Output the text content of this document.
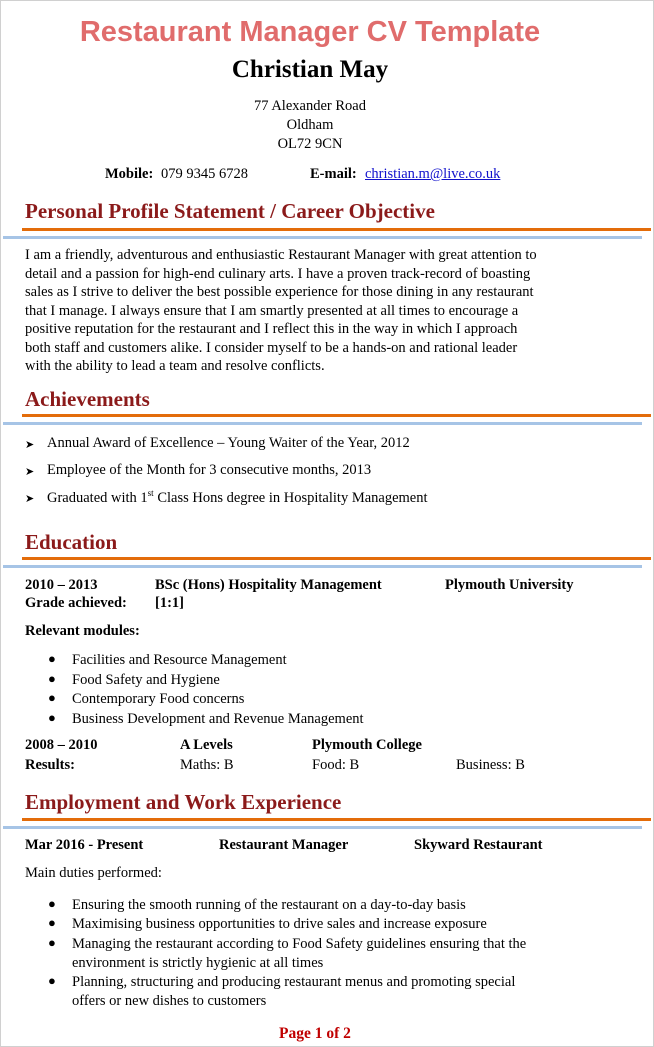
Restaurant Manager CV Template
Christian May
77 Alexander Road
Oldham
OL72 9CN
Mobile: 079 9345 6728	E-mail: christian.m@live.co.uk
Personal Profile Statement / Career Objective
I am a friendly, adventurous and enthusiastic Restaurant Manager with great attention to
detail and a passion for high-end culinary arts. I have a proven track-record of boasting
sales as I strive to deliver the best possible experience for those dining in any restaurant
that I manage. I always ensure that I am smartly presented at all times to encourage a
positive reputation for the restaurant and I reflect this in the way in which I approach
both staff and customers alike. I consider myself to be a hands-on and rational leader
with the ability to lead a team and resolve conflicts.
Achievements
➤ Annual Award of Excellence – Young Waiter of the Year, 2012
➤ Employee of the Month for 3 consecutive months, 2013
➤ Graduated with 1st Class Hons degree in Hospitality Management
Education
2010 – 2013	BSc (Hons) Hospitality Management	Plymouth University
Grade achieved: [1:1]
Relevant modules:
● Facilities and Resource Management
● Food Safety and Hygiene
● Contemporary Food concerns
● Business Development and Revenue Management
2008 – 2010	A Levels	Plymouth College
Results:	Maths: B	Food: B	Business: B
Employment and Work Experience
Mar 2016 - Present	Restaurant Manager	Skyward Restaurant
Main duties performed:
● Ensuring the smooth running of the restaurant on a day-to-day basis
● Maximising business opportunities to drive sales and increase exposure
● Managing the restaurant according to Food Safety guidelines ensuring that the
environment is strictly hygienic at all times
● Planning, structuring and producing restaurant menus and promoting special
offers or new dishes to customers
Page 1 of 2
